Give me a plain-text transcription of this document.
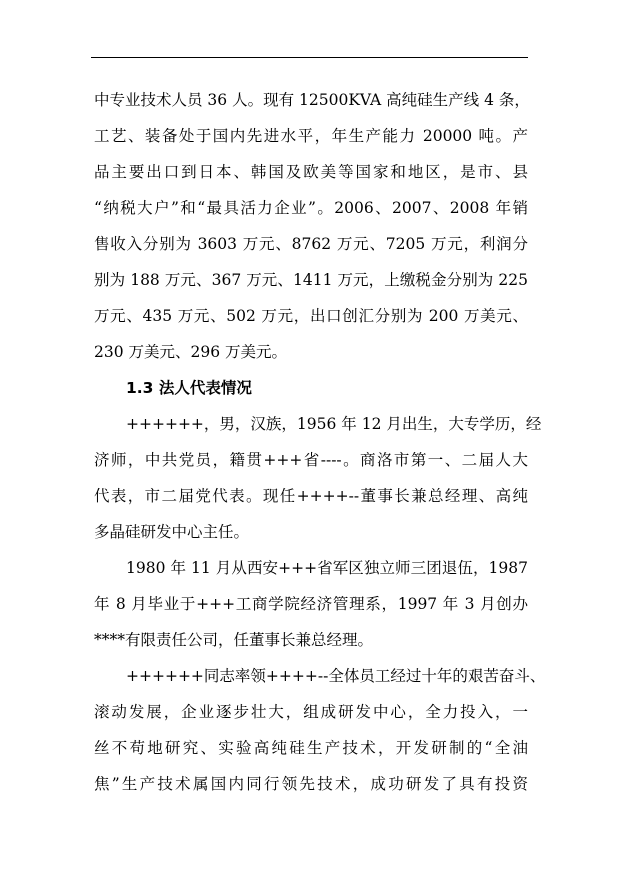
中专业技术人员 36 人。现有 12500KVA 高纯硅生产线 4 条，
工艺、装备处于国内先进水平，年生产能力 20000 吨。产
品主要出口到日本、韩国及欧美等国家和地区，是市、县
“纳税大户”和“最具活力企业”。2006、2007、2008 年销
售收入分别为 3603 万元、8762 万元、7205 万元，利润分
别为 188 万元、367 万元、1411 万元，上缴税金分别为 225
万元、435 万元、502 万元，出口创汇分别为 200 万美元、
230 万美元、296 万美元。
1.3 法人代表情况
++++++，男，汉族，1956 年 12 月出生，大专学历，经
济师，中共党员，籍贯+++省----。商洛市第一、二届人大
代表，市二届党代表。现任++++--董事长兼总经理、高纯
多晶硅研发中心主任。
1980 年 11 月从西安+++省军区独立师三团退伍，1987
年 8 月毕业于+++工商学院经济管理系，1997 年 3 月创办
****有限责任公司，任董事长兼总经理。
++++++同志率领++++--全体员工经过十年的艰苦奋斗、
滚动发展，企业逐步壮大，组成研发中心，全力投入，一
丝不苟地研究、实验高纯硅生产技术，开发研制的“全油
焦”生产技术属国内同行领先技术，成功研发了具有投资
